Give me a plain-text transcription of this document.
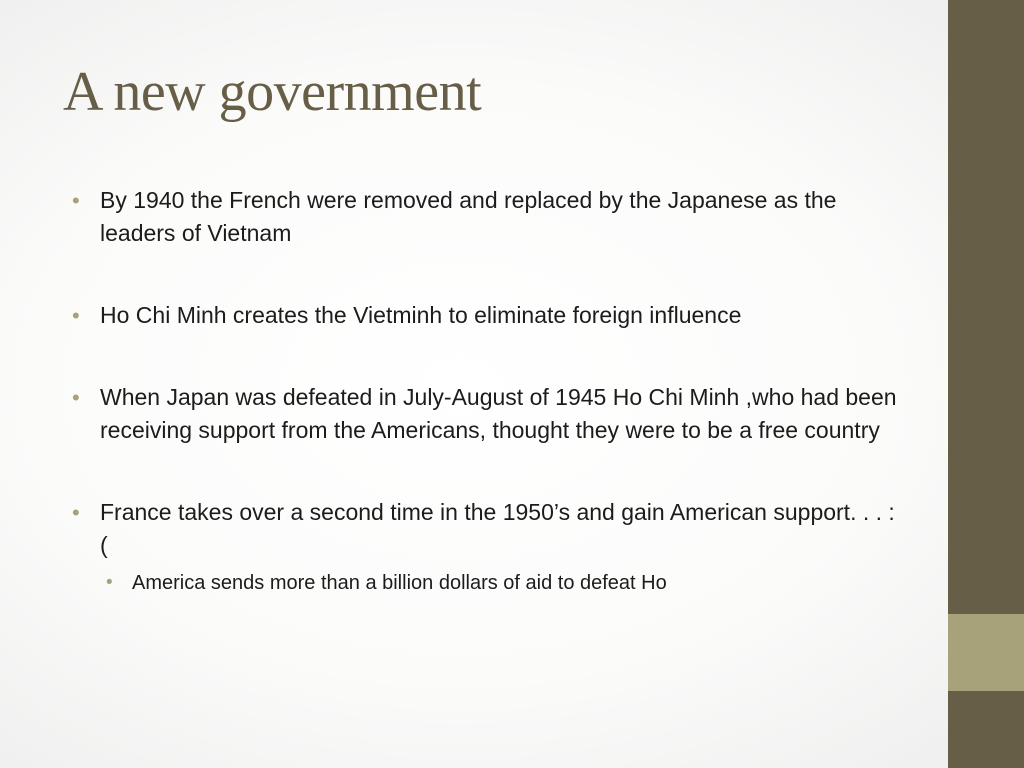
A new government
• By 1940 the French were removed and replaced by the Japanese as the leaders of Vietnam
• Ho Chi Minh creates the Vietminh to eliminate foreign influence
• When Japan was defeated in July-August of 1945 Ho Chi Minh ,who had been receiving support from the Americans, thought they were to be a free country
• France takes over a second time in the 1950’s and gain American support. . . : (
• America sends more than a billion dollars of aid to defeat Ho
